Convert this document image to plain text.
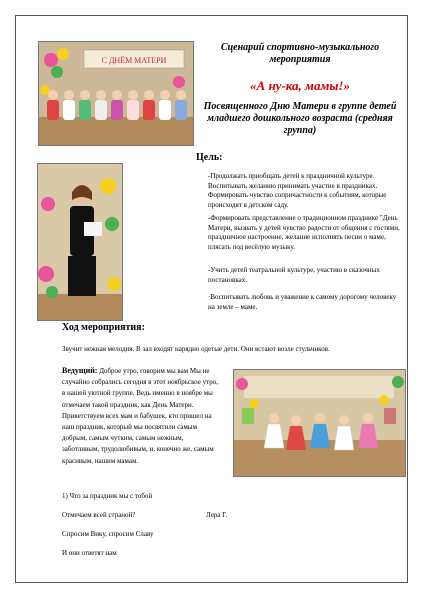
С ДНЁМ МАТЕРИ
Сценарий спортивно-музыкального мероприятия
«А ну-ка, мамы!»
Посвященного Дню Матери в группе детей младшего дошкольного возраста (средняя группа)
Цель:
-Продолжать приобщать детей к праздничной культуре. Воспитывать желанию принимать участие в праздниках. Формировать чувство сопричастности к событиям, которые происходят в детском саду.
-Формировать представление о традиционном празднике "День Матери, вызвать у детей чувство радости от общения с гостями, праздничное настроение, желание исполнять песни о маме, плясать под весёлую музыку.
-Учить детей театральной культуре, участию в сказочных постановках.
·Воспитывать любовь и уважение к самому дорогому человеку на земле – маме.
Ход мероприятия:
Звучит нежная мелодия. В зал входят нарядно одетые дети. Они встают возле стульчиков.
Ведущий: Доброе утро, говорим мы вам Мы не случайно собрались сегодня в этот ноябрьское утро, в нашей уютной группе. Ведь именно в ноябре мы отмечаем такой праздник, как День Матери. Приветствуем всех мам и бабушек, кто пришел на наш праздник, который мы посвятили самым добрым, самым чутким, самым нежным, заботливым, трудолюбивым, и, конечно же, самым красивым, нашим мамам.
1) Что за праздник мы с тобой
Отмечаем всей страной?	Лера Г.
Спросим Вику, спросим Славу
И они ответят нам
